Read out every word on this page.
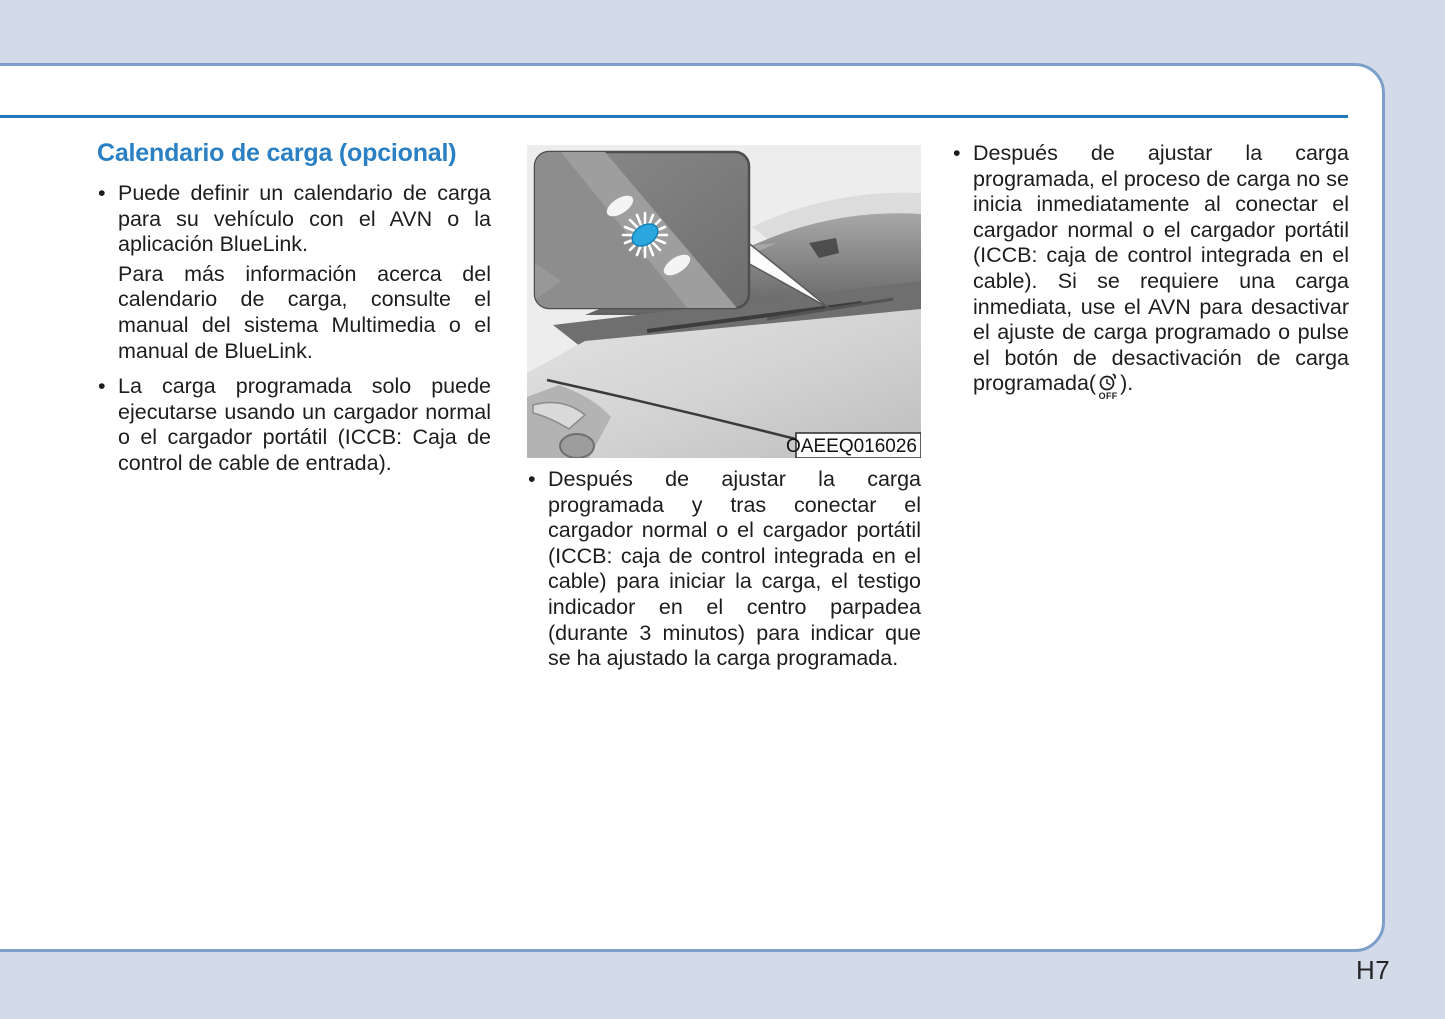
Calendario de carga (opcional)
• Puede definir un calendario de carga para su vehículo con el AVN o la aplicación BlueLink.

Para más información acerca del calendario de carga, consulte el manual del sistema Multimedia o el manual de BlueLink.

• La carga programada solo puede ejecutarse usando un cargador normal o el cargador portátil (ICCB: Caja de control de cable de entrada).

OAEEQ016026
• Después de ajustar la carga programada y tras conectar el cargador normal o el cargador portátil (ICCB: caja de control integrada en el cable) para iniciar la carga, el testigo indicador en el centro parpadea (durante 3 minutos) para indicar que se ha ajustado la carga programada.

• Después de ajustar la carga programada, el proceso de carga no se inicia inmediatamente al conectar el cargador normal o el cargador portátil (ICCB: caja de control integrada en el cable). Si se requiere una carga inmediata, use el AVN para desactivar el ajuste de carga programado o pulse el botón de desactivación de carga programada(
OFF
).

H7
